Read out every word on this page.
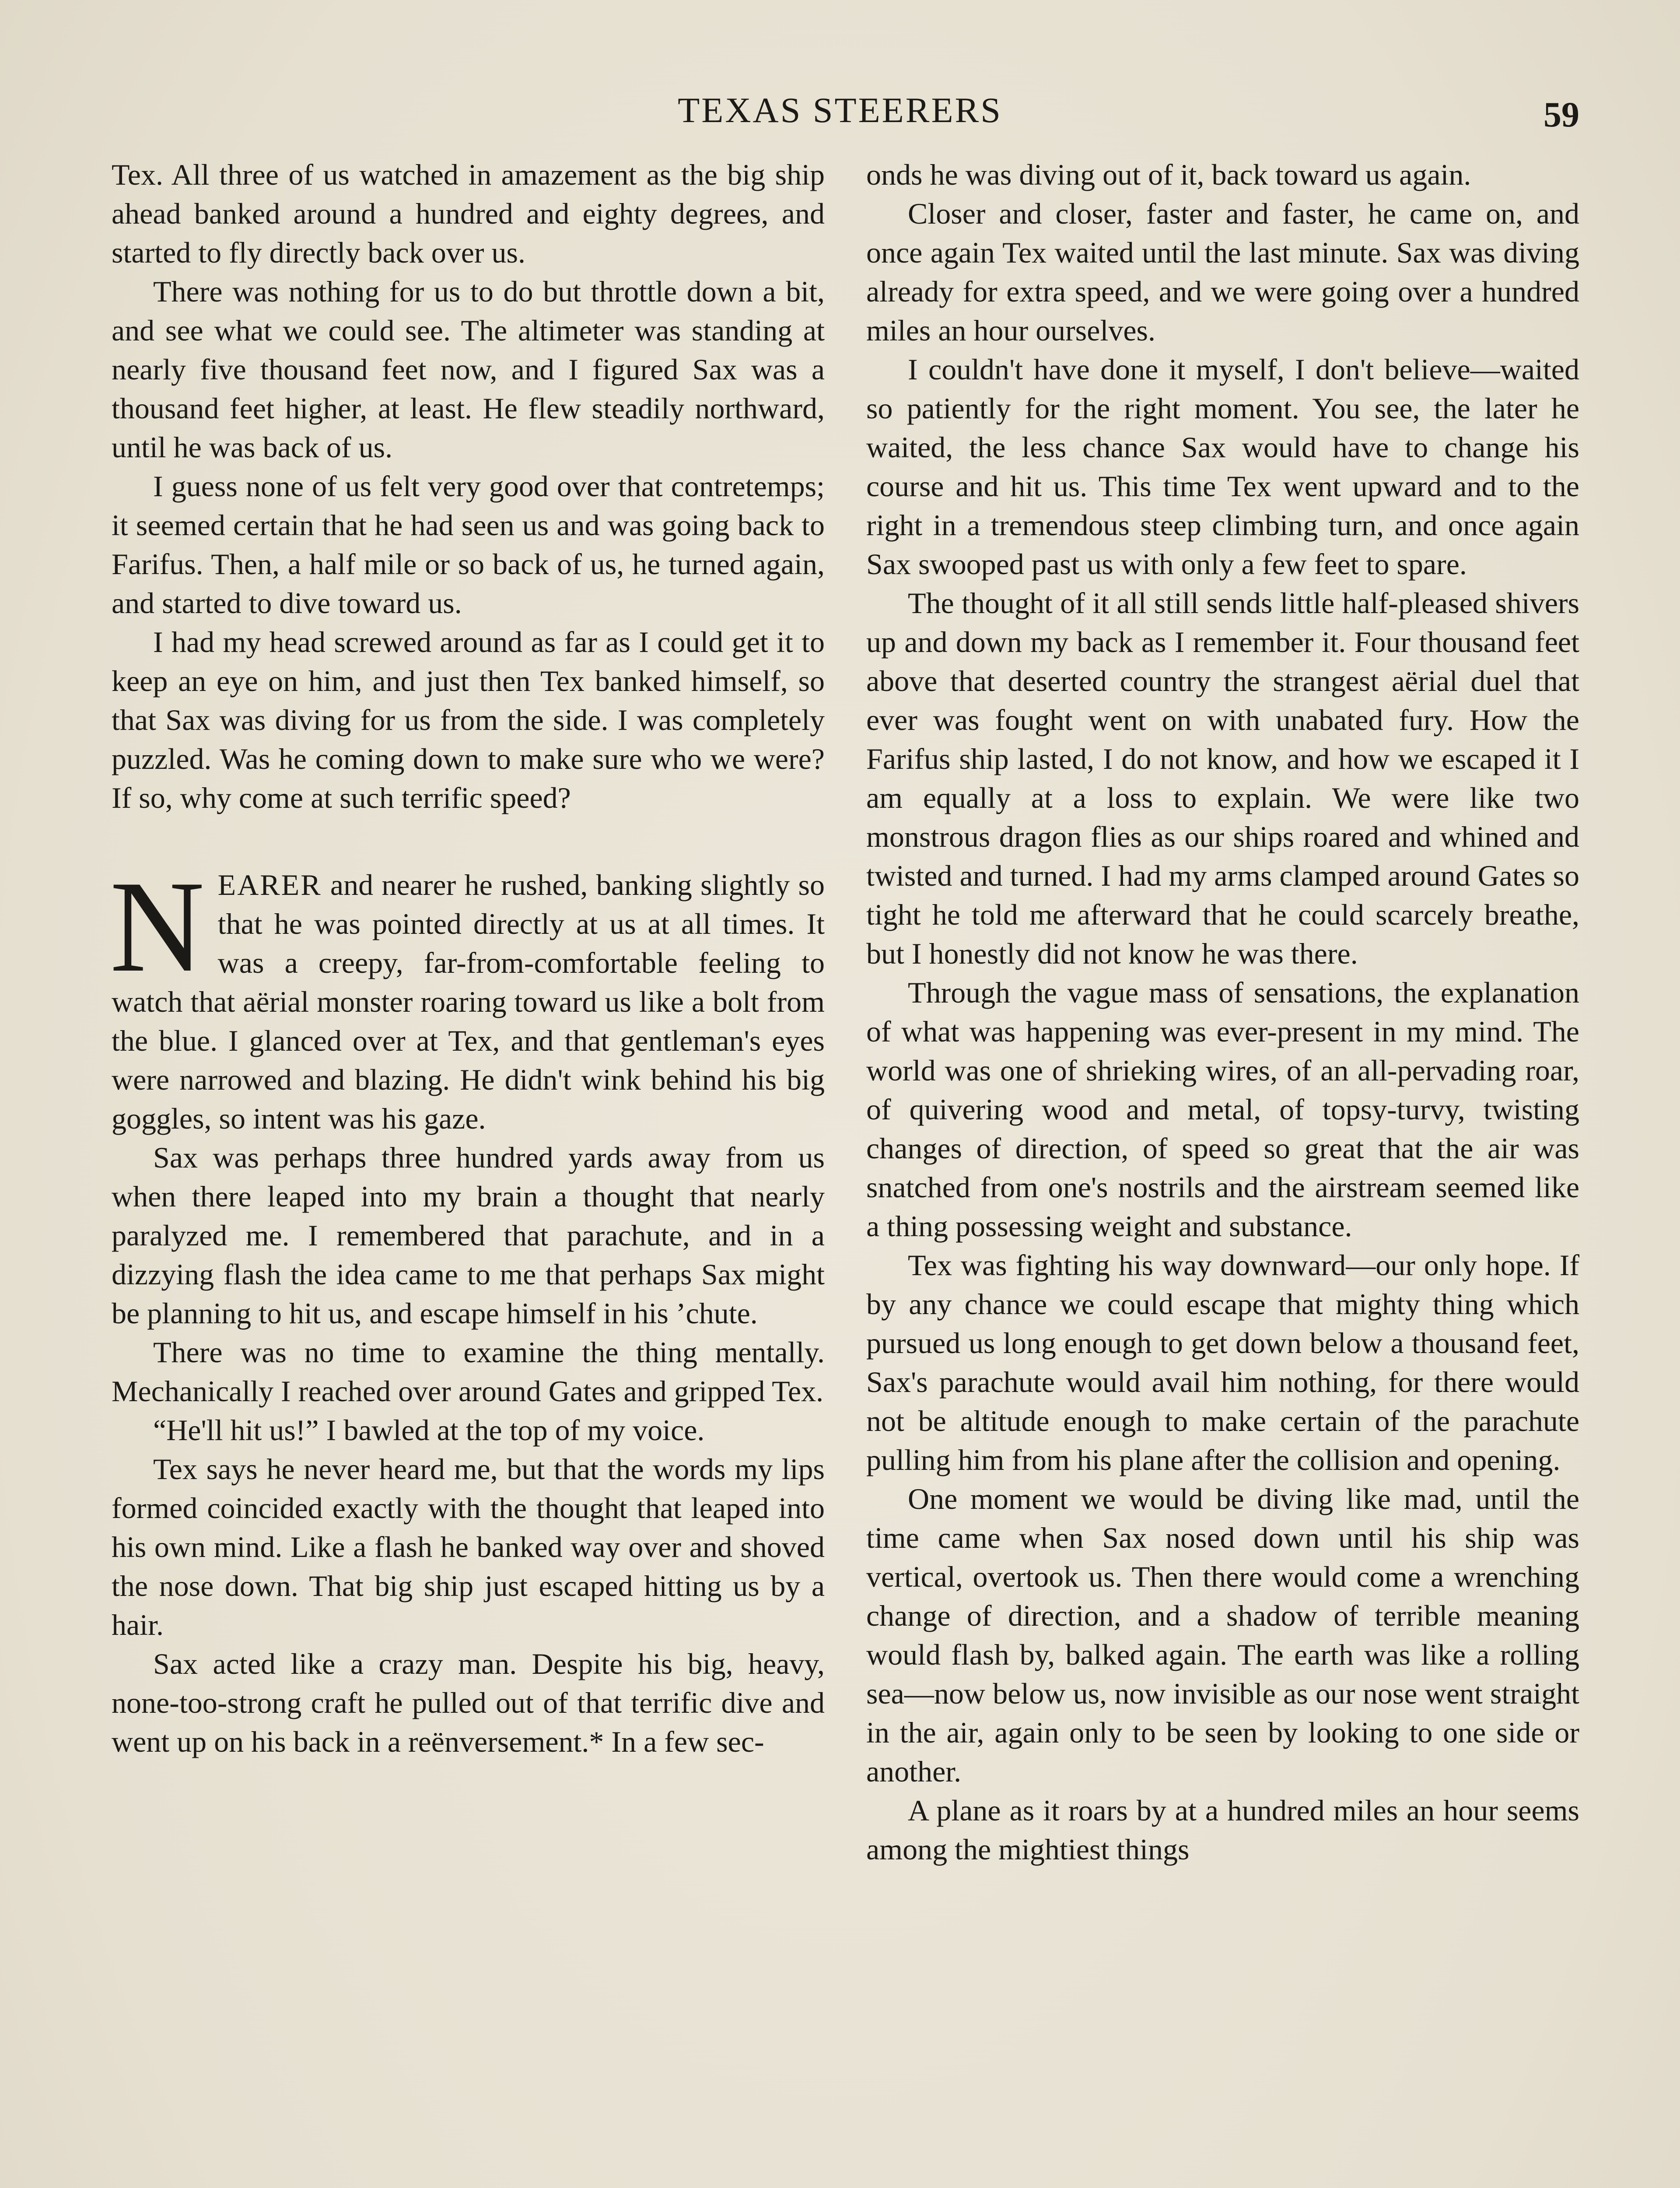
TEXAS STEERERS	59

Tex. All three of us watched in amazement as the big ship ahead banked around a hundred and eighty degrees, and started to fly directly back over us.

There was nothing for us to do but throttle down a bit, and see what we could see. The altimeter was standing at nearly five thousand feet now, and I figured Sax was a thousand feet higher, at least. He flew steadily northward, until he was back of us.

I guess none of us felt very good over that contretemps; it seemed certain that he had seen us and was going back to Farifus. Then, a half mile or so back of us, he turned again, and started to dive toward us.

I had my head screwed around as far as I could get it to keep an eye on him, and just then Tex banked himself, so that Sax was diving for us from the side. I was completely puzzled. Was he coming down to make sure who we were? If so, why come at such terrific speed?

NEARER and nearer he rushed, banking slightly so that he was pointed directly at us at all times. It was a creepy, far-from-comfortable feeling to watch that aërial monster roaring toward us like a bolt from the blue. I glanced over at Tex, and that gentleman's eyes were narrowed and blazing. He didn't wink behind his big goggles, so intent was his gaze.

Sax was perhaps three hundred yards away from us when there leaped into my brain a thought that nearly paralyzed me. I remembered that parachute, and in a dizzying flash the idea came to me that perhaps Sax might be planning to hit us, and escape himself in his ’chute.

There was no time to examine the thing mentally. Mechanically I reached over around Gates and gripped Tex.

“He'll hit us!” I bawled at the top of my voice.

Tex says he never heard me, but that the words my lips formed coincided exactly with the thought that leaped into his own mind. Like a flash he banked way over and shoved the nose down. That big ship just escaped hitting us by a hair.

Sax acted like a crazy man. Despite his big, heavy, none-too-strong craft he pulled out of that terrific dive and went up on his back in a reënversement.* In a few sec-

onds he was diving out of it, back toward us again.

Closer and closer, faster and faster, he came on, and once again Tex waited until the last minute. Sax was diving already for extra speed, and we were going over a hundred miles an hour ourselves.

I couldn't have done it myself, I don't believe—waited so patiently for the right moment. You see, the later he waited, the less chance Sax would have to change his course and hit us. This time Tex went upward and to the right in a tremendous steep climbing turn, and once again Sax swooped past us with only a few feet to spare.

The thought of it all still sends little half-pleased shivers up and down my back as I remember it. Four thousand feet above that deserted country the strangest aërial duel that ever was fought went on with unabated fury. How the Farifus ship lasted, I do not know, and how we escaped it I am equally at a loss to explain. We were like two monstrous dragon flies as our ships roared and whined and twisted and turned. I had my arms clamped around Gates so tight he told me afterward that he could scarcely breathe, but I honestly did not know he was there.

Through the vague mass of sensations, the explanation of what was happening was ever-present in my mind. The world was one of shrieking wires, of an all-pervading roar, of quivering wood and metal, of topsy-turvy, twisting changes of direction, of speed so great that the air was snatched from one's nostrils and the airstream seemed like a thing possessing weight and substance.

Tex was fighting his way downward—our only hope. If by any chance we could escape that mighty thing which pursued us long enough to get down below a thousand feet, Sax's parachute would avail him nothing, for there would not be altitude enough to make certain of the parachute pulling him from his plane after the collision and opening.

One moment we would be diving like mad, until the time came when Sax nosed down until his ship was vertical, overtook us. Then there would come a wrenching change of direction, and a shadow of terrible meaning would flash by, balked again. The earth was like a rolling sea—now below us, now invisible as our nose went straight in the air, again only to be seen by looking to one side or another.

A plane as it roars by at a hundred miles an hour seems among the mightiest things
